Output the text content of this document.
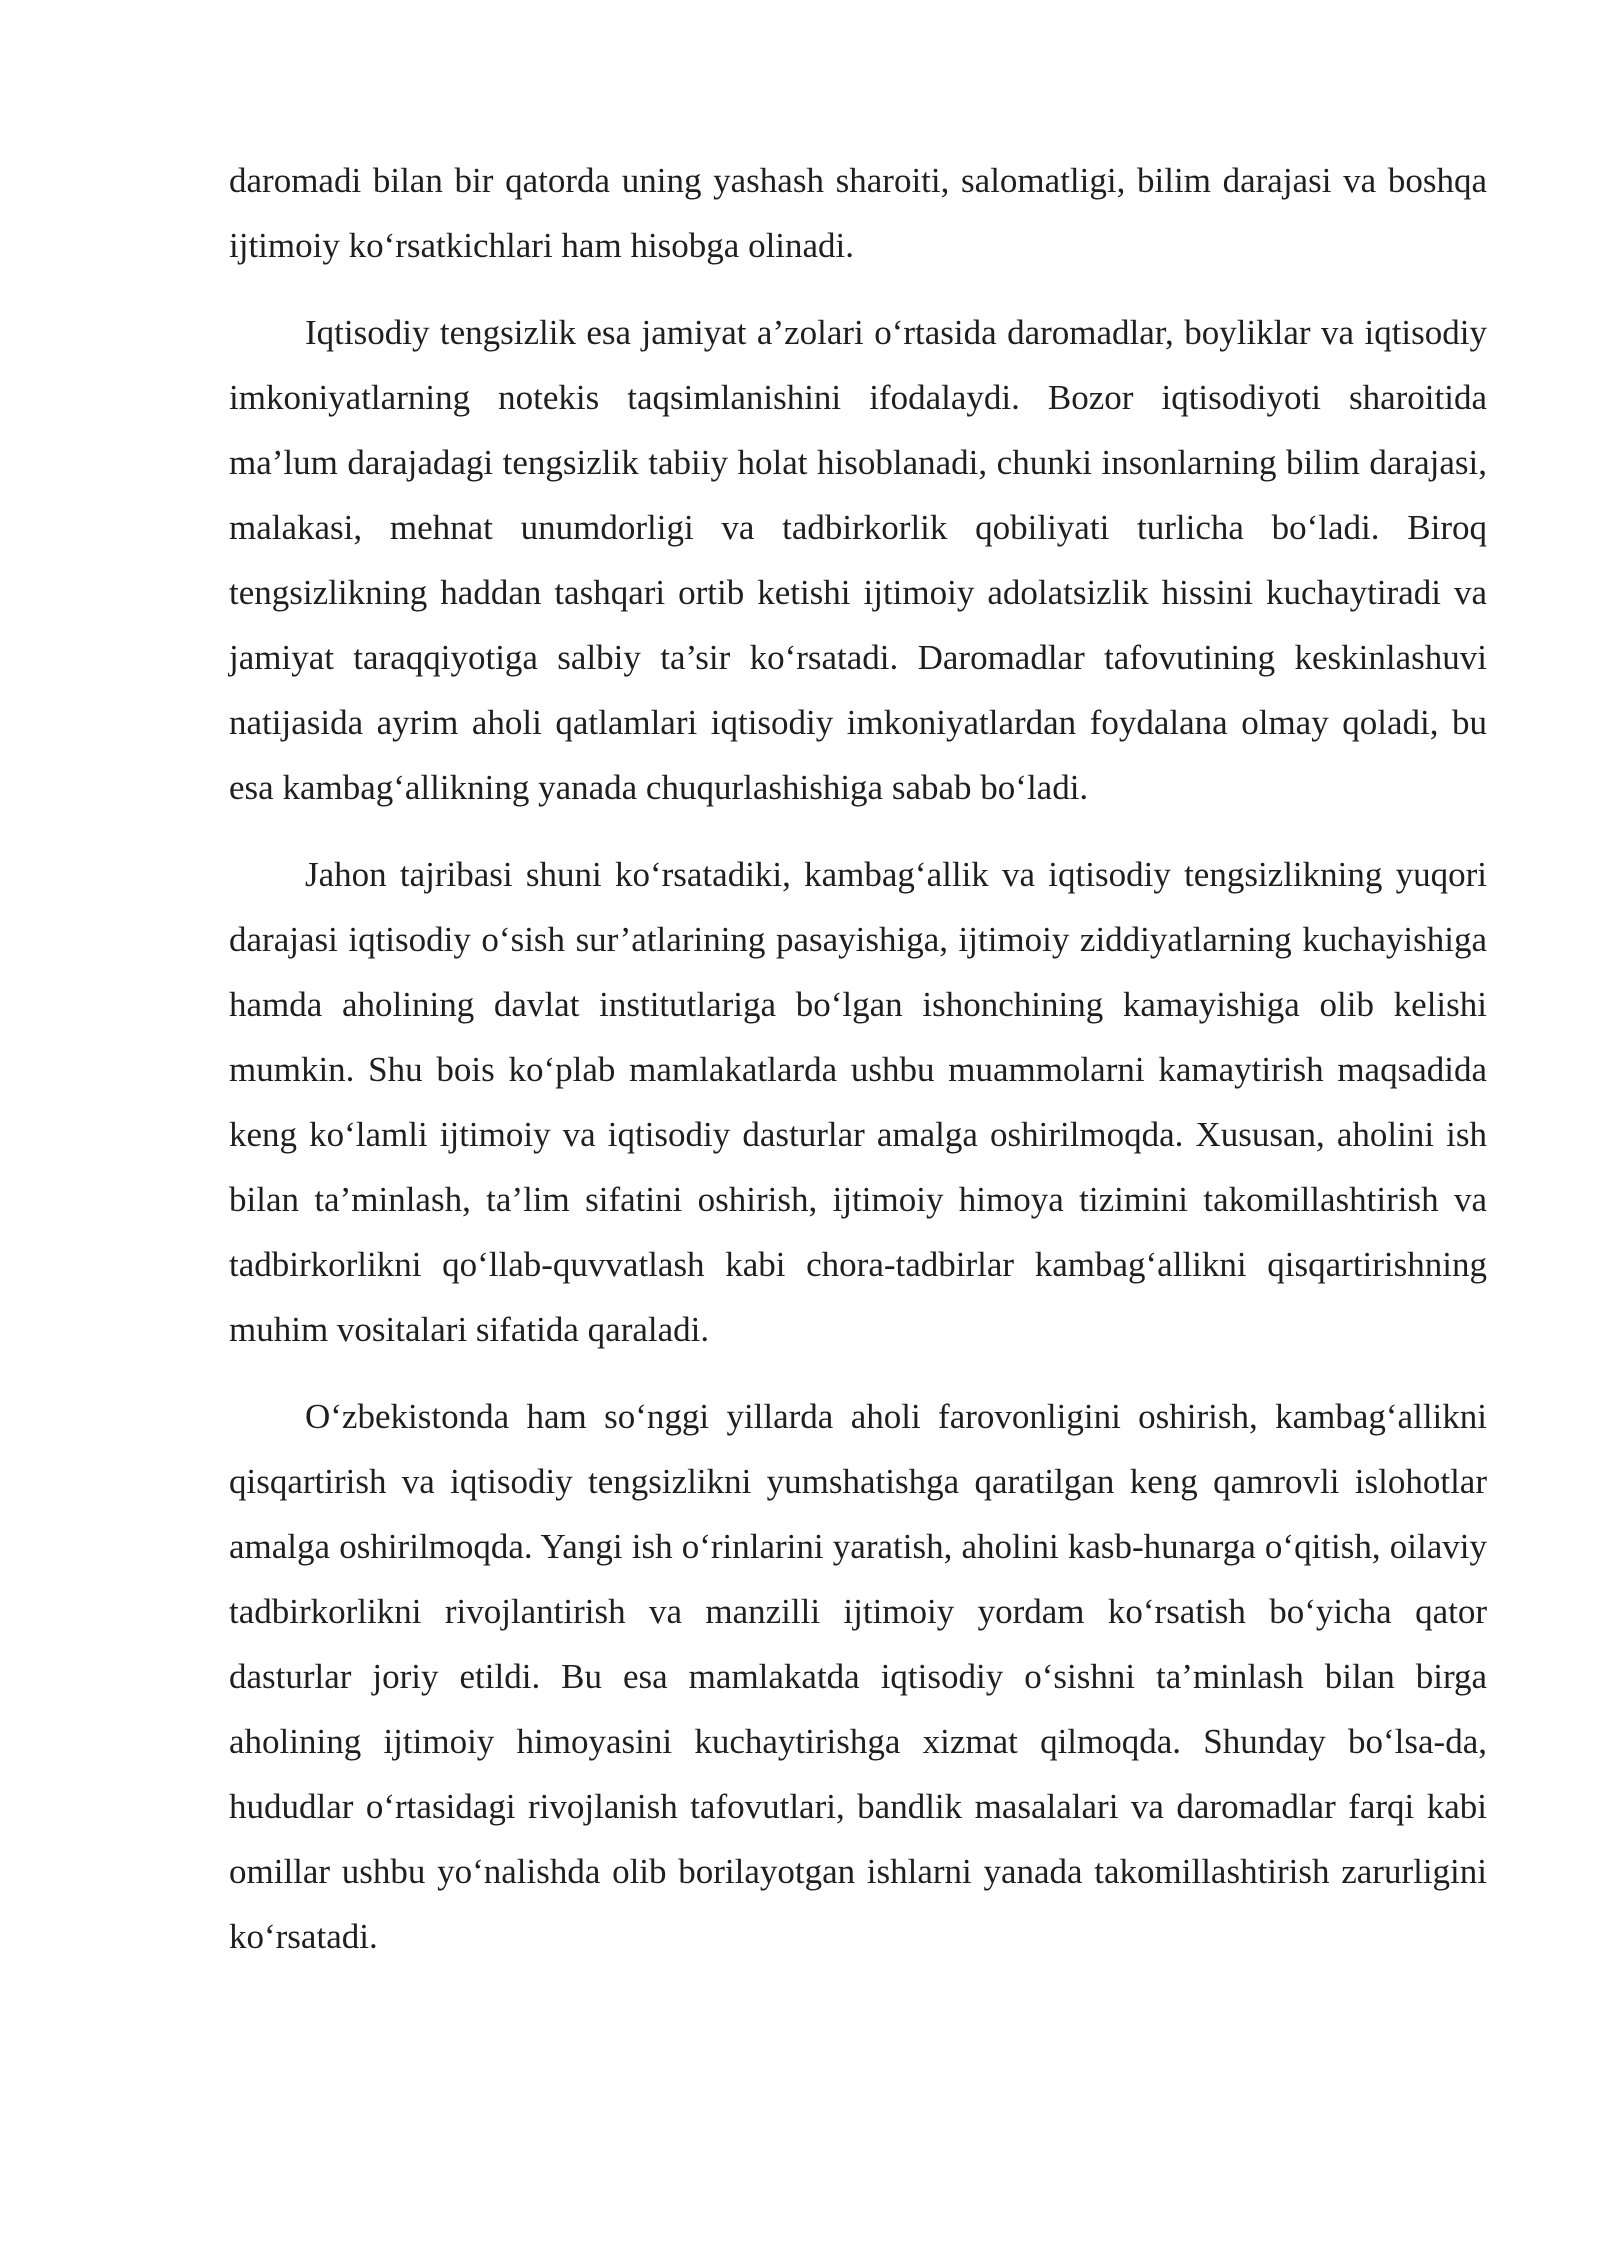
daromadi bilan bir qatorda uning yashash sharoiti, salomatligi, bilim darajasi va boshqa ijtimoiy ko‘rsatkichlari ham hisobga olinadi.

Iqtisodiy tengsizlik esa jamiyat a’zolari o‘rtasida daromadlar, boyliklar va iqtisodiy imkoniyatlarning notekis taqsimlanishini ifodalaydi. Bozor iqtisodiyoti sharoitida ma’lum darajadagi tengsizlik tabiiy holat hisoblanadi, chunki insonlarning bilim darajasi, malakasi, mehnat unumdorligi va tadbirkorlik qobiliyati turlicha bo‘ladi. Biroq tengsizlikning haddan tashqari ortib ketishi ijtimoiy adolatsizlik hissini kuchaytiradi va jamiyat taraqqiyotiga salbiy ta’sir ko‘rsatadi. Daromadlar tafovutining keskinlashuvi natijasida ayrim aholi qatlamlari iqtisodiy imkoniyatlardan foydalana olmay qoladi, bu esa kambag‘allikning yanada chuqurlashishiga sabab bo‘ladi.

Jahon tajribasi shuni ko‘rsatadiki, kambag‘allik va iqtisodiy tengsizlikning yuqori darajasi iqtisodiy o‘sish sur’atlarining pasayishiga, ijtimoiy ziddiyatlarning kuchayishiga hamda aholining davlat institutlariga bo‘lgan ishonchining kamayishiga olib kelishi mumkin. Shu bois ko‘plab mamlakatlarda ushbu muammolarni kamaytirish maqsadida keng ko‘lamli ijtimoiy va iqtisodiy dasturlar amalga oshirilmoqda. Xususan, aholini ish bilan ta’minlash, ta’lim sifatini oshirish, ijtimoiy himoya tizimini takomillashtirish va tadbirkorlikni qo‘llab-quvvatlash kabi chora-tadbirlar kambag‘allikni qisqartirishning muhim vositalari sifatida qaraladi.

O‘zbekistonda ham so‘nggi yillarda aholi farovonligini oshirish, kambag‘allikni qisqartirish va iqtisodiy tengsizlikni yumshatishga qaratilgan keng qamrovli islohotlar amalga oshirilmoqda. Yangi ish o‘rinlarini yaratish, aholini kasb-hunarga o‘qitish, oilaviy tadbirkorlikni rivojlantirish va manzilli ijtimoiy yordam ko‘rsatish bo‘yicha qator dasturlar joriy etildi. Bu esa mamlakatda iqtisodiy o‘sishni ta’minlash bilan birga aholining ijtimoiy himoyasini kuchaytirishga xizmat qilmoqda. Shunday bo‘lsa-da, hududlar o‘rtasidagi rivojlanish tafovutlari, bandlik masalalari va daromadlar farqi kabi omillar ushbu yo‘nalishda olib borilayotgan ishlarni yanada takomillashtirish zarurligini ko‘rsatadi.
